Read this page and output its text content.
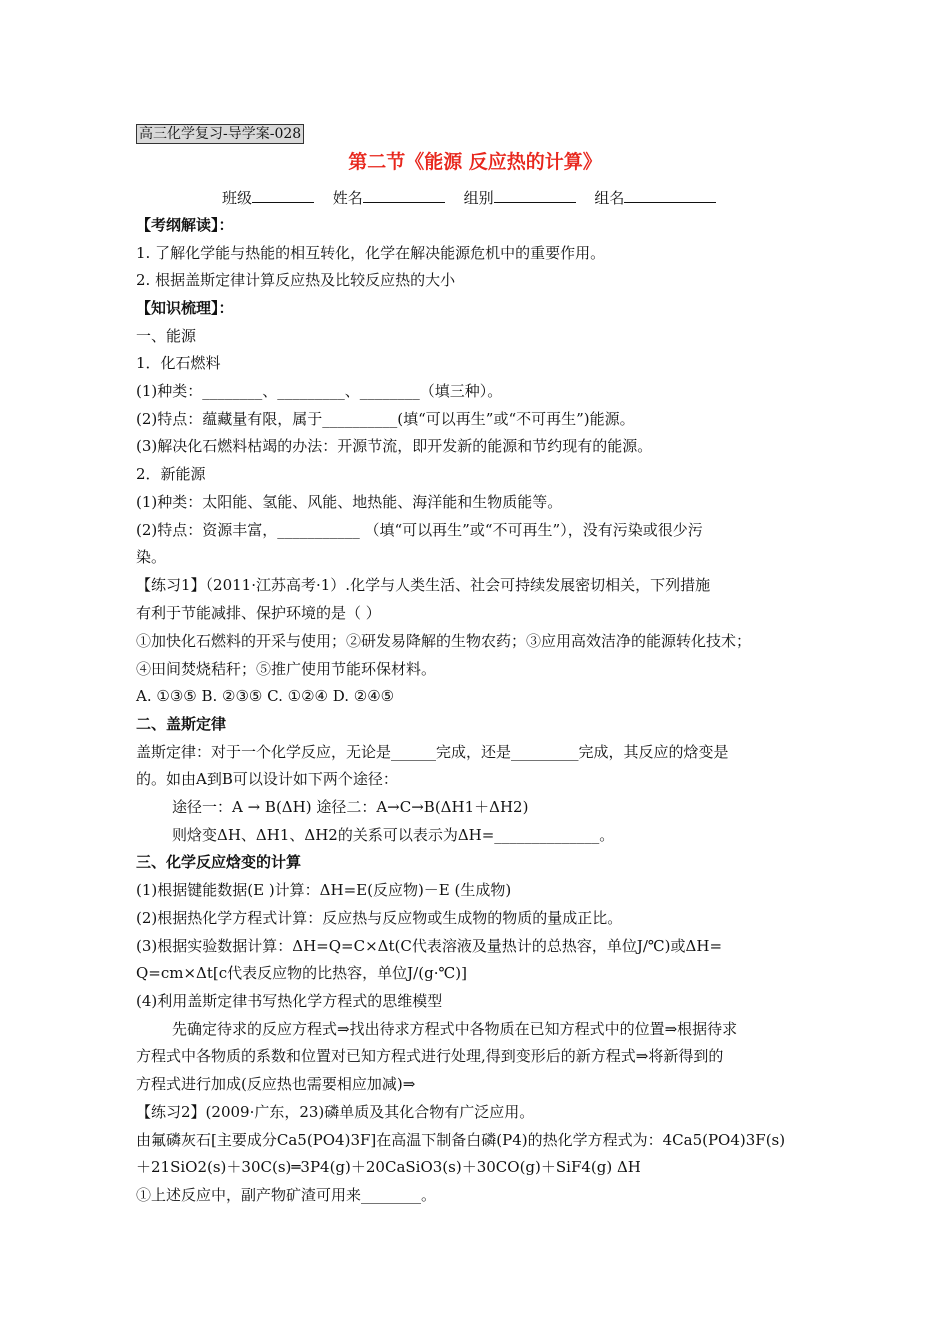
高三化学复习-导学案-028
第二节《能源 反应热的计算》
班级	姓名	组别	组名
【考纲解读】：
1. 了解化学能与热能的相互转化，化学在解决能源危机中的重要作用。
2. 根据盖斯定律计算反应热及比较反应热的大小
【知识梳理】：
一、能源
1．化石燃料
(1)种类：________、_________、________（填三种）。
(2)特点：蕴藏量有限，属于__________(填“可以再生”或“不可再生”)能源。
(3)解决化石燃料枯竭的办法：开源节流，即开发新的能源和节约现有的能源。
2．新能源
(1)种类：太阳能、氢能、风能、地热能、海洋能和生物质能等。
(2)特点：资源丰富，___________ （填“可以再生”或“不可再生”），没有污染或很少污
染。
【练习1】（2011·江苏高考·1）.化学与人类生活、社会可持续发展密切相关，下列措施
有利于节能减排、保护环境的是（ ）
①加快化石燃料的开采与使用；②研发易降解的生物农药；③应用高效洁净的能源转化技术；
④田间焚烧秸秆；⑤推广使用节能环保材料。
A. ①③⑤ B. ②③⑤ C. ①②④ D. ②④⑤
二、盖斯定律
盖斯定律：对于一个化学反应，无论是______完成，还是_________完成，其反应的焓变是
的。如由A到B可以设计如下两个途径：
途径一：A → B(ΔH) 途径二：A→C→B(ΔH1＋ΔH2)
则焓变ΔH、ΔH1、ΔH2的关系可以表示为ΔH=______________。
三、化学反应焓变的计算
(1)根据键能数据(E )计算：ΔH=E(反应物)－E (生成物)
(2)根据热化学方程式计算：反应热与反应物或生成物的物质的量成正比。
(3)根据实验数据计算：ΔH=Q=C×Δt(C代表溶液及量热计的总热容，单位J/℃)或ΔH=
Q=cm×Δt[c代表反应物的比热容，单位J/(g·℃)]
(4)利用盖斯定律书写热化学方程式的思维模型
先确定待求的反应方程式⇒找出待求方程式中各物质在已知方程式中的位置⇒根据待求
方程式中各物质的系数和位置对已知方程式进行处理,得到变形后的新方程式⇒将新得到的
方程式进行加成(反应热也需要相应加减)⇒
【练习2】(2009·广东，23)磷单质及其化合物有广泛应用。
由氟磷灰石[主要成分Ca5(PO4)3F]在高温下制备白磷(P4)的热化学方程式为：4Ca5(PO4)3F(s)
＋21SiO2(s)＋30C(s)═3P4(g)＋20CaSiO3(s)＋30CO(g)＋SiF4(g) ΔH
①上述反应中，副产物矿渣可用来________。
